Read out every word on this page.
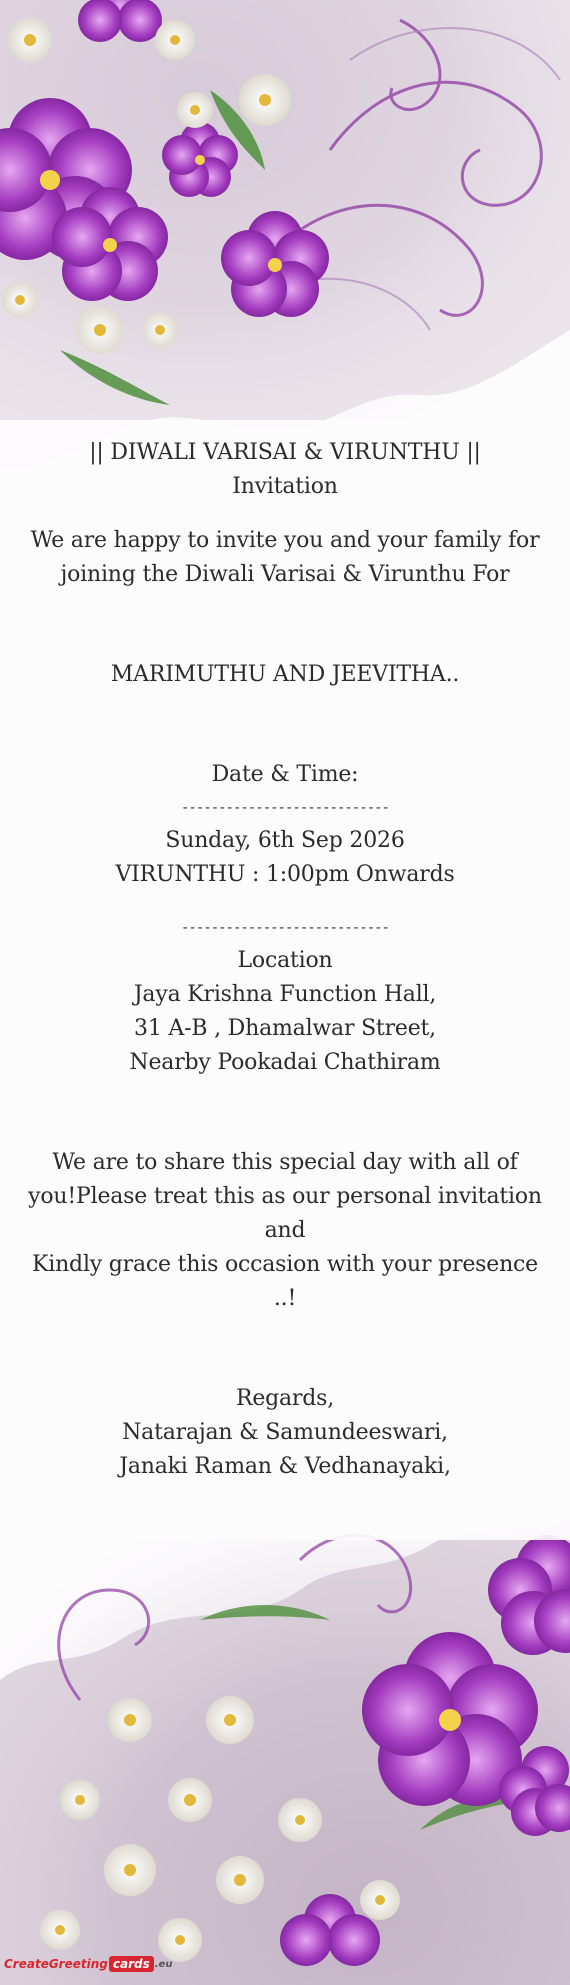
|| DIWALI VARISAI & VIRUNTHU ||
Invitation
We are happy to invite you and your family for
joining the Diwali Varisai & Virunthu For
MARIMUTHU AND JEEVITHA..
Date & Time:
----------------------------
Sunday, 6th Sep 2026
VIRUNTHU : 1:00pm Onwards
----------------------------
Location
Jaya Krishna Function Hall,
31 A-B , Dhamalwar Street,
Nearby Pookadai Chathiram
We are to share this special day with all of
you!Please treat this as our personal invitation and
Kindly grace this occasion with your presence ..!
Regards,
Natarajan & Samundeeswari,
Janaki Raman & Vedhanayaki,
CreateGreeting cards .eu
